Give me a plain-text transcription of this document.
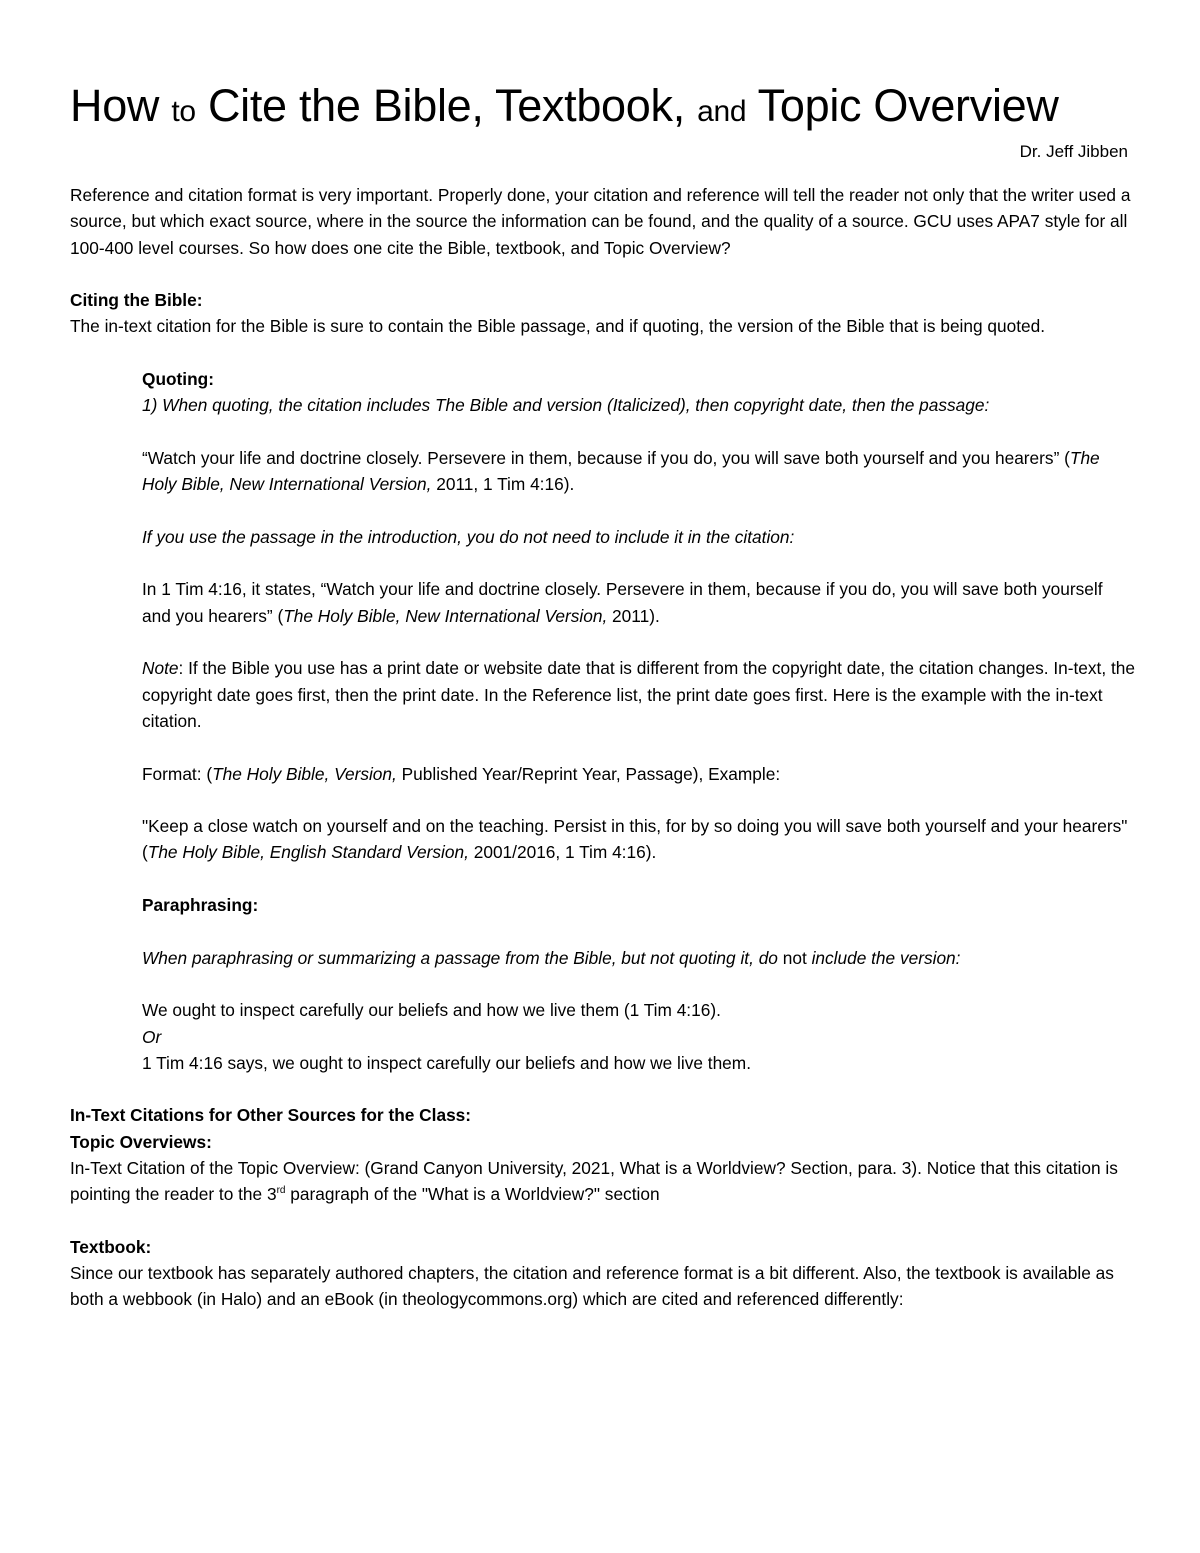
How to Cite the Bible, Textbook, and Topic Overview
Dr. Jeff Jibben

Reference and citation format is very important. Properly done, your citation and reference will tell the reader not only that the writer used a source, but which exact source, where in the source the information can be found, and the quality of a source. GCU uses APA7 style for all 100-400 level courses. So how does one cite the Bible, textbook, and Topic Overview?

Citing the Bible:

The in-text citation for the Bible is sure to contain the Bible passage, and if quoting, the version of the Bible that is being quoted.

Quoting:

1) When quoting, the citation includes The Bible and version (Italicized), then copyright date, then the passage:

“Watch your life and doctrine closely. Persevere in them, because if you do, you will save both yourself and you hearers” (The Holy Bible, New International Version, 2011, 1 Tim 4:16).

If you use the passage in the introduction, you do not need to include it in the citation:

In 1 Tim 4:16, it states, “Watch your life and doctrine closely. Persevere in them, because if you do, you will save both yourself and you hearers” (The Holy Bible, New International Version, 2011).

Note: If the Bible you use has a print date or website date that is different from the copyright date, the citation changes. In-text, the copyright date goes first, then the print date. In the Reference list, the print date goes first. Here is the example with the in-text citation.

Format: (The Holy Bible, Version, Published Year/Reprint Year, Passage), Example:

"Keep a close watch on yourself and on the teaching. Persist in this, for by so doing you will save both yourself and your hearers" (The Holy Bible, English Standard Version, 2001/2016, 1 Tim 4:16).

Paraphrasing:

When paraphrasing or summarizing a passage from the Bible, but not quoting it, do not include the version:

We ought to inspect carefully our beliefs and how we live them (1 Tim 4:16).

Or

1 Tim 4:16 says, we ought to inspect carefully our beliefs and how we live them.

In-Text Citations for Other Sources for the Class:

Topic Overviews:

In-Text Citation of the Topic Overview: (Grand Canyon University, 2021, What is a Worldview? Section, para. 3). Notice that this citation is pointing the reader to the 3rd paragraph of the "What is a Worldview?" section

Textbook:

Since our textbook has separately authored chapters, the citation and reference format is a bit different. Also, the textbook is available as both a webbook (in Halo) and an eBook (in theologycommons.org) which are cited and referenced differently:
